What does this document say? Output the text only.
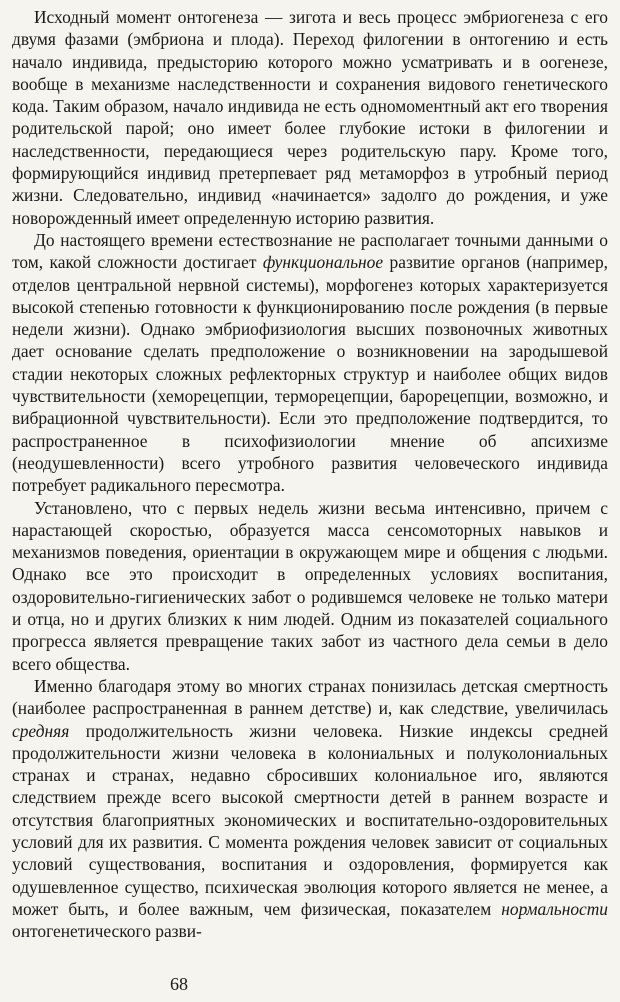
Исходный момент онтогенеза — зигота и весь процесс эмбриогенеза с его двумя фазами (эмбриона и плода). Переход филогении в онтогению и есть начало индивида, предысторию которого можно усматривать и в оогенезе, вообще в механизме наследственности и сохранения видового генетического кода. Таким образом, начало индивида не есть одномоментный акт его творения родительской парой; оно имеет более глубокие истоки в филогении и наследственности, передающиеся через родительскую пару. Кроме того, формирующийся индивид претерпевает ряд метаморфоз в утробный период жизни. Следовательно, индивид «начинается» задолго до рождения, и уже новорожденный имеет определенную историю развития.

До настоящего времени естествознание не располагает точными данными о том, какой сложности достигает функциональное развитие органов (например, отделов центральной нервной системы), морфогенез которых характеризуется высокой степенью готовности к функционированию после рождения (в первые недели жизни). Однако эмбриофизиология высших позвоночных животных дает основание сделать предположение о возникновении на зародышевой стадии некоторых сложных рефлекторных структур и наиболее общих видов чувствительности (хеморецепции, терморецепции, барорецепции, возможно, и вибрационной чувствительности). Если это предположение подтвердится, то распространенное в психофизиологии мнение об апсихизме (неодушевленности) всего утробного развития человеческого индивида потребует радикального пересмотра.

Установлено, что с первых недель жизни весьма интенсивно, причем с нарастающей скоростью, образуется масса сенсомоторных навыков и механизмов поведения, ориентации в окружающем мире и общения с людьми. Однако все это происходит в определенных условиях воспитания, оздоровительно-гигиенических забот о родившемся человеке не только матери и отца, но и других близких к ним людей. Одним из показателей социального прогресса является превращение таких забот из частного дела семьи в дело всего общества.

Именно благодаря этому во многих странах понизилась детская смертность (наиболее распространенная в раннем детстве) и, как следствие, увеличилась средняя продолжительность жизни человека. Низкие индексы средней продолжительности жизни человека в колониальных и полуколониальных странах и странах, недавно сбросивших колониальное иго, являются следствием прежде всего высокой смертности детей в раннем возрасте и отсутствия благоприятных экономических и воспитательно-оздоровительных условий для их развития. С момента рождения человек зависит от социальных условий существования, воспитания и оздоровления, формируется как одушевленное существо, психическая эволюция которого является не менее, а может быть, и более важным, чем физическая, показателем нормальности онтогенетического разви-

68
